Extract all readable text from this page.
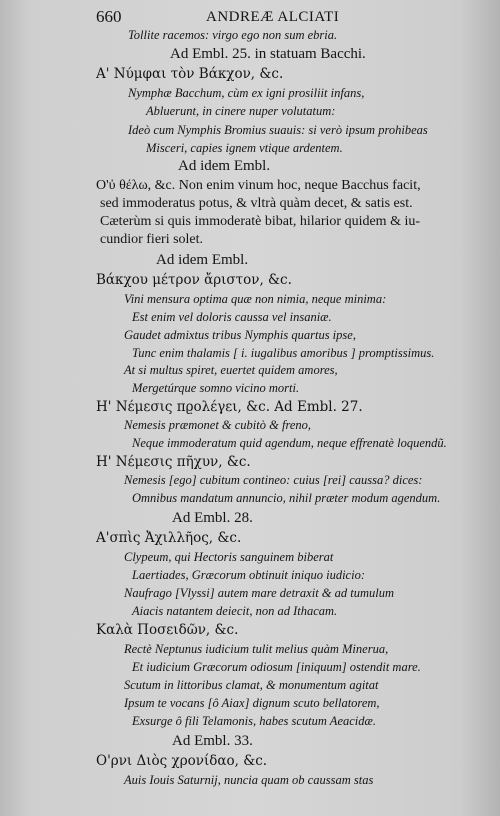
660	ANDREÆ ALCIATI
Tollite racemos: virgo ego non sum ebria.
Ad Embl. 25. in statuam Bacchi.
Α' Νύμφαι τὸν Βάκχον, &c.
Nymphæ Bacchum, cùm ex igni prosiliit infans,
Abluerunt, in cinere nuper volutatum:
Ideò cum Nymphis Bromius suauis: si verò ipsum prohibeas
Misceri, capies ignem vtique ardentem.
Ad idem Embl.
Ο'ὐ θέλω, &c. Non enim vinum hoc, neque Bacchus facit,
sed immoderatus potus, & vltrà quàm decet, & satis est.
Cæterùm si quis immoderatè bibat, hilarior quidem & iu-
cundior fieri solet.
Ad idem Embl.
Βάκχου μέτρον ἄριστον, &c.
Vini mensura optima quæ non nimia, neque minima:
Est enim vel doloris caussa vel insaniæ.
Gaudet admixtus tribus Nymphis quartus ipse,
Tunc enim thalamis [ i. iugalibus amoribus ] promptissimus.
At si multus spiret, euertet quidem amores,
Mergetúrque somno vicino morti.
Η' Νέμεσις πϱολέγει, &c. Ad Embl. 27.
Nemesis præmonet & cubitò & freno,
Neque immoderatum quid agendum, neque effrenatè loquendũ.
Η' Νέμεσις πῆχυν, &c.
Nemesis [ego] cubitum contineo: cuius [rei] caussa? dices:
Omnibus mandatum annuncio, nihil præter modum agendum.
Ad Embl. 28.
Α'σπὶς Ἀχιλλῆος, &c.
Clypeum, qui Hectoris sanguinem biberat
Laertiades, Græcorum obtinuit iniquo iudicio:
Naufrago [Vlyssi] autem mare detraxit & ad tumulum
Aiacis natantem deiecit, non ad Ithacam.
Καλὰ Ποσειδῶν, &c.
Rectè Neptunus iudicium tulit melius quàm Minerua,
Et iudicium Græcorum odiosum [iniquum] ostendit mare.
Scutum in littoribus clamat, & monumentum agitat
Ipsum te vocans [ô Aiax] dignum scuto bellatorem,
Exsurge ô fili Telamonis, habes scutum Aeacidæ.
Ad Embl. 33.
Ο'ρνι Διὸς χρονίδαο, &c.
Auis Iouis Saturnij, nuncia quam ob caussam stas
